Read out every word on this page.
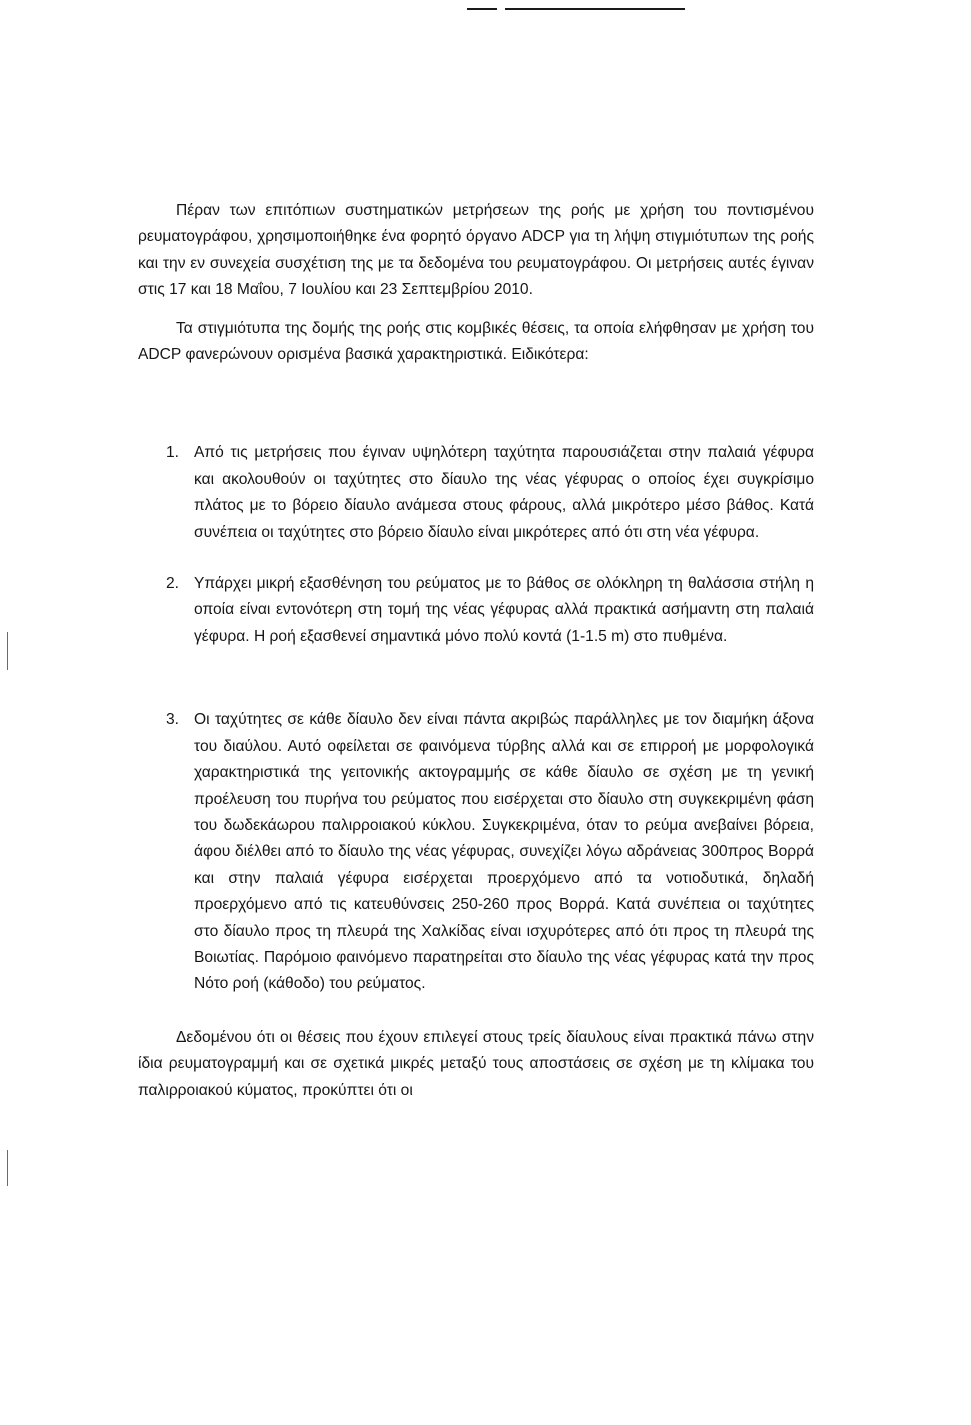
Πέραν των επιτόπιων συστηματικών μετρήσεων της ροής με χρήση του ποντισμένου ρευματογράφου, χρησιμοποιήθηκε ένα φορητό όργανο ADCP για τη λήψη στιγμιότυπων της ροής και την εν συνεχεία συσχέτιση της με τα δεδομένα του ρευματογράφου. Οι μετρήσεις αυτές έγιναν στις 17 και 18 Μαΐου, 7 Ιουλίου και 23 Σεπτεμβρίου 2010.

Τα στιγμιότυπα της δομής της ροής στις κομβικές θέσεις, τα οποία ελήφθησαν με χρήση του ADCP φανερώνουν ορισμένα βασικά χαρακτηριστικά. Ειδικότερα:

1. Από τις μετρήσεις που έγιναν υψηλότερη ταχύτητα παρουσιάζεται στην παλαιά γέφυρα και ακολουθούν οι ταχύτητες στο δίαυλο της νέας γέφυρας ο οποίος έχει συγκρίσιμο πλάτος με το βόρειο δίαυλο ανάμεσα στους φάρους, αλλά μικρότερο μέσο βάθος. Κατά συνέπεια οι ταχύτητες στο βόρειο δίαυλο είναι μικρότερες από ότι στη νέα γέφυρα.
2. Υπάρχει μικρή εξασθένηση του ρεύματος με το βάθος σε ολόκληρη τη θαλάσσια στήλη η οποία είναι εντονότερη στη τομή της νέας γέφυρας αλλά πρακτικά ασήμαντη στη παλαιά γέφυρα. Η ροή εξασθενεί σημαντικά μόνο πολύ κοντά (1-1.5 m) στο πυθμένα.
3. Οι ταχύτητες σε κάθε δίαυλο δεν είναι πάντα ακριβώς παράλληλες με τον διαμήκη άξονα του διαύλου. Αυτό οφείλεται σε φαινόμενα τύρβης αλλά και σε επιρροή με μορφολογικά χαρακτηριστικά της γειτονικής ακτογραμμής σε κάθε δίαυλο σε σχέση με τη γενική προέλευση του πυρήνα του ρεύματος που εισέρχεται στο δίαυλο στη συγκεκριμένη φάση του δωδεκάωρου παλιρροιακού κύκλου. Συγκεκριμένα, όταν το ρεύμα ανεβαίνει βόρεια, άφου διέλθει από το δίαυλο της νέας γέφυρας, συνεχίζει λόγω αδράνειας 300προς Βορρά και στην παλαιά γέφυρα εισέρχεται προερχόμενο από τα νοτιοδυτικά, δηλαδή προερχόμενο από τις κατευθύνσεις 250-260 προς Βορρά. Κατά συνέπεια οι ταχύτητες στο δίαυλο προς τη πλευρά της Χαλκίδας είναι ισχυρότερες από ότι προς τη πλευρά της Βοιωτίας. Παρόμοιο φαινόμενο παρατηρείται στο δίαυλο της νέας γέφυρας κατά την προς Νότο ροή (κάθοδο) του ρεύματος.

Δεδομένου ότι οι θέσεις που έχουν επιλεγεί στους τρείς δίαυλους είναι πρακτικά πάνω στην ίδια ρευματογραμμή και σε σχετικά μικρές μεταξύ τους αποστάσεις σε σχέση με τη κλίμακα του παλιρροιακού κύματος, προκύπτει ότι οι
